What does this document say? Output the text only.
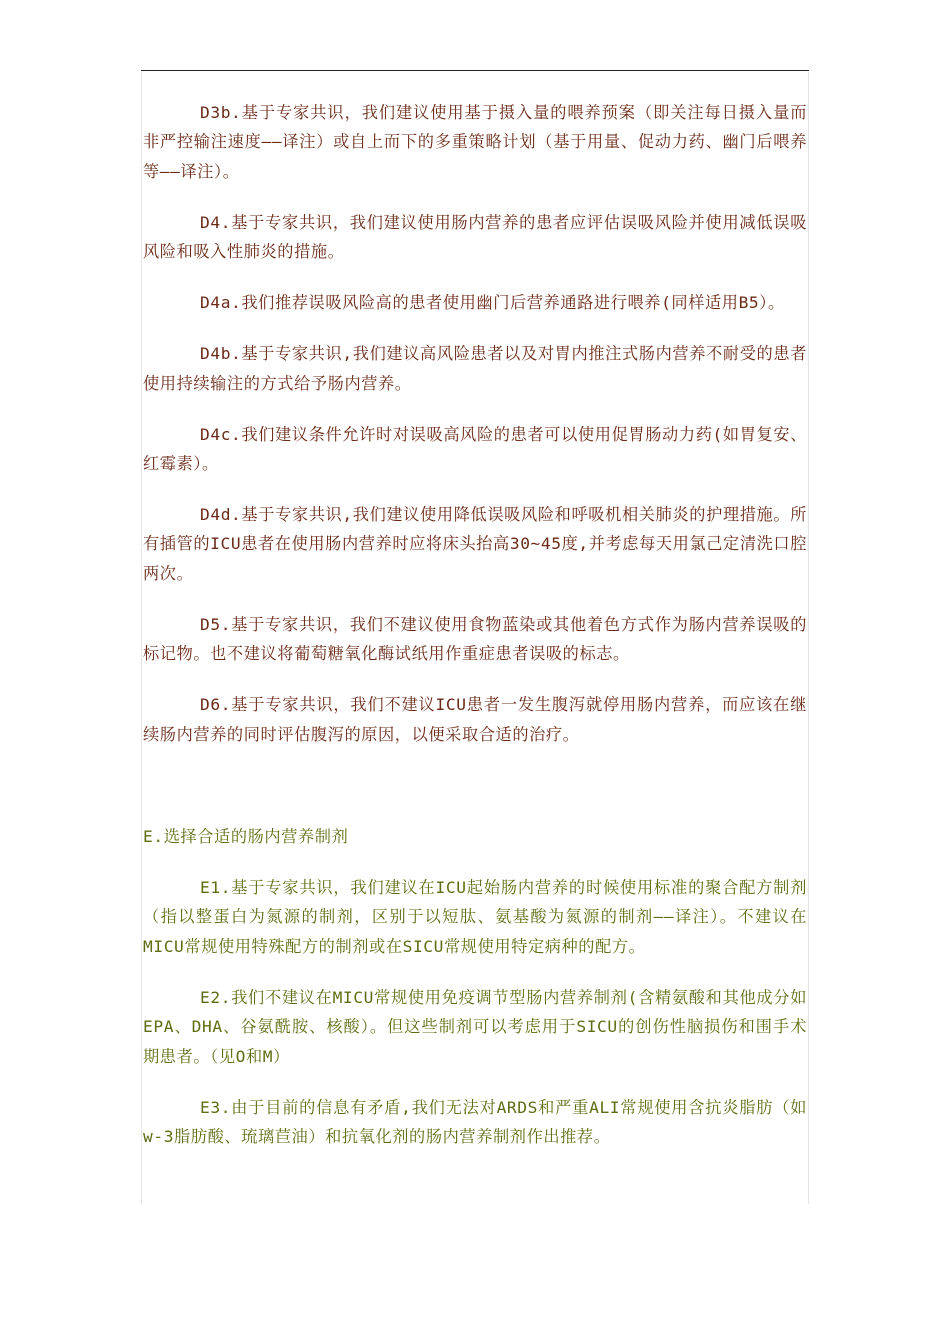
D3b.基于专家共识，我们建议使用基于摄入量的喂养预案（即关注每日摄入量而非严控输注速度——译注）或自上而下的多重策略计划（基于用量、促动力药、幽门后喂养等——译注）。

D4.基于专家共识，我们建议使用肠内营养的患者应评估误吸风险并使用减低误吸风险和吸入性肺炎的措施。

D4a.我们推荐误吸风险高的患者使用幽门后营养通路进行喂养(同样适用B5）。

D4b.基于专家共识,我们建议高风险患者以及对胃内推注式肠内营养不耐受的患者使用持续输注的方式给予肠内营养。

D4c.我们建议条件允许时对误吸高风险的患者可以使用促胃肠动力药(如胃复安、红霉素）。

D4d.基于专家共识,我们建议使用降低误吸风险和呼吸机相关肺炎的护理措施。所有插管的ICU患者在使用肠内营养时应将床头抬高30~45度,并考虑每天用氯己定清洗口腔两次。

D5.基于专家共识，我们不建议使用食物蓝染或其他着色方式作为肠内营养误吸的标记物。也不建议将葡萄糖氧化酶试纸用作重症患者误吸的标志。

D6.基于专家共识，我们不建议ICU患者一发生腹泻就停用肠内营养，而应该在继续肠内营养的同时评估腹泻的原因，以便采取合适的治疗。

E.选择合适的肠内营养制剂

E1.基于专家共识，我们建议在ICU起始肠内营养的时候使用标准的聚合配方制剂（指以整蛋白为氮源的制剂，区别于以短肽、氨基酸为氮源的制剂——译注）。不建议在MICU常规使用特殊配方的制剂或在SICU常规使用特定病种的配方。

E2.我们不建议在MICU常规使用免疫调节型肠内营养制剂(含精氨酸和其他成分如EPA、DHA、谷氨酰胺、核酸）。但这些制剂可以考虑用于SICU的创伤性脑损伤和围手术期患者。（见O和M）

E3.由于目前的信息有矛盾,我们无法对ARDS和严重ALI常规使用含抗炎脂肪（如w-3脂肪酸、琉璃苣油）和抗氧化剂的肠内营养制剂作出推荐。
